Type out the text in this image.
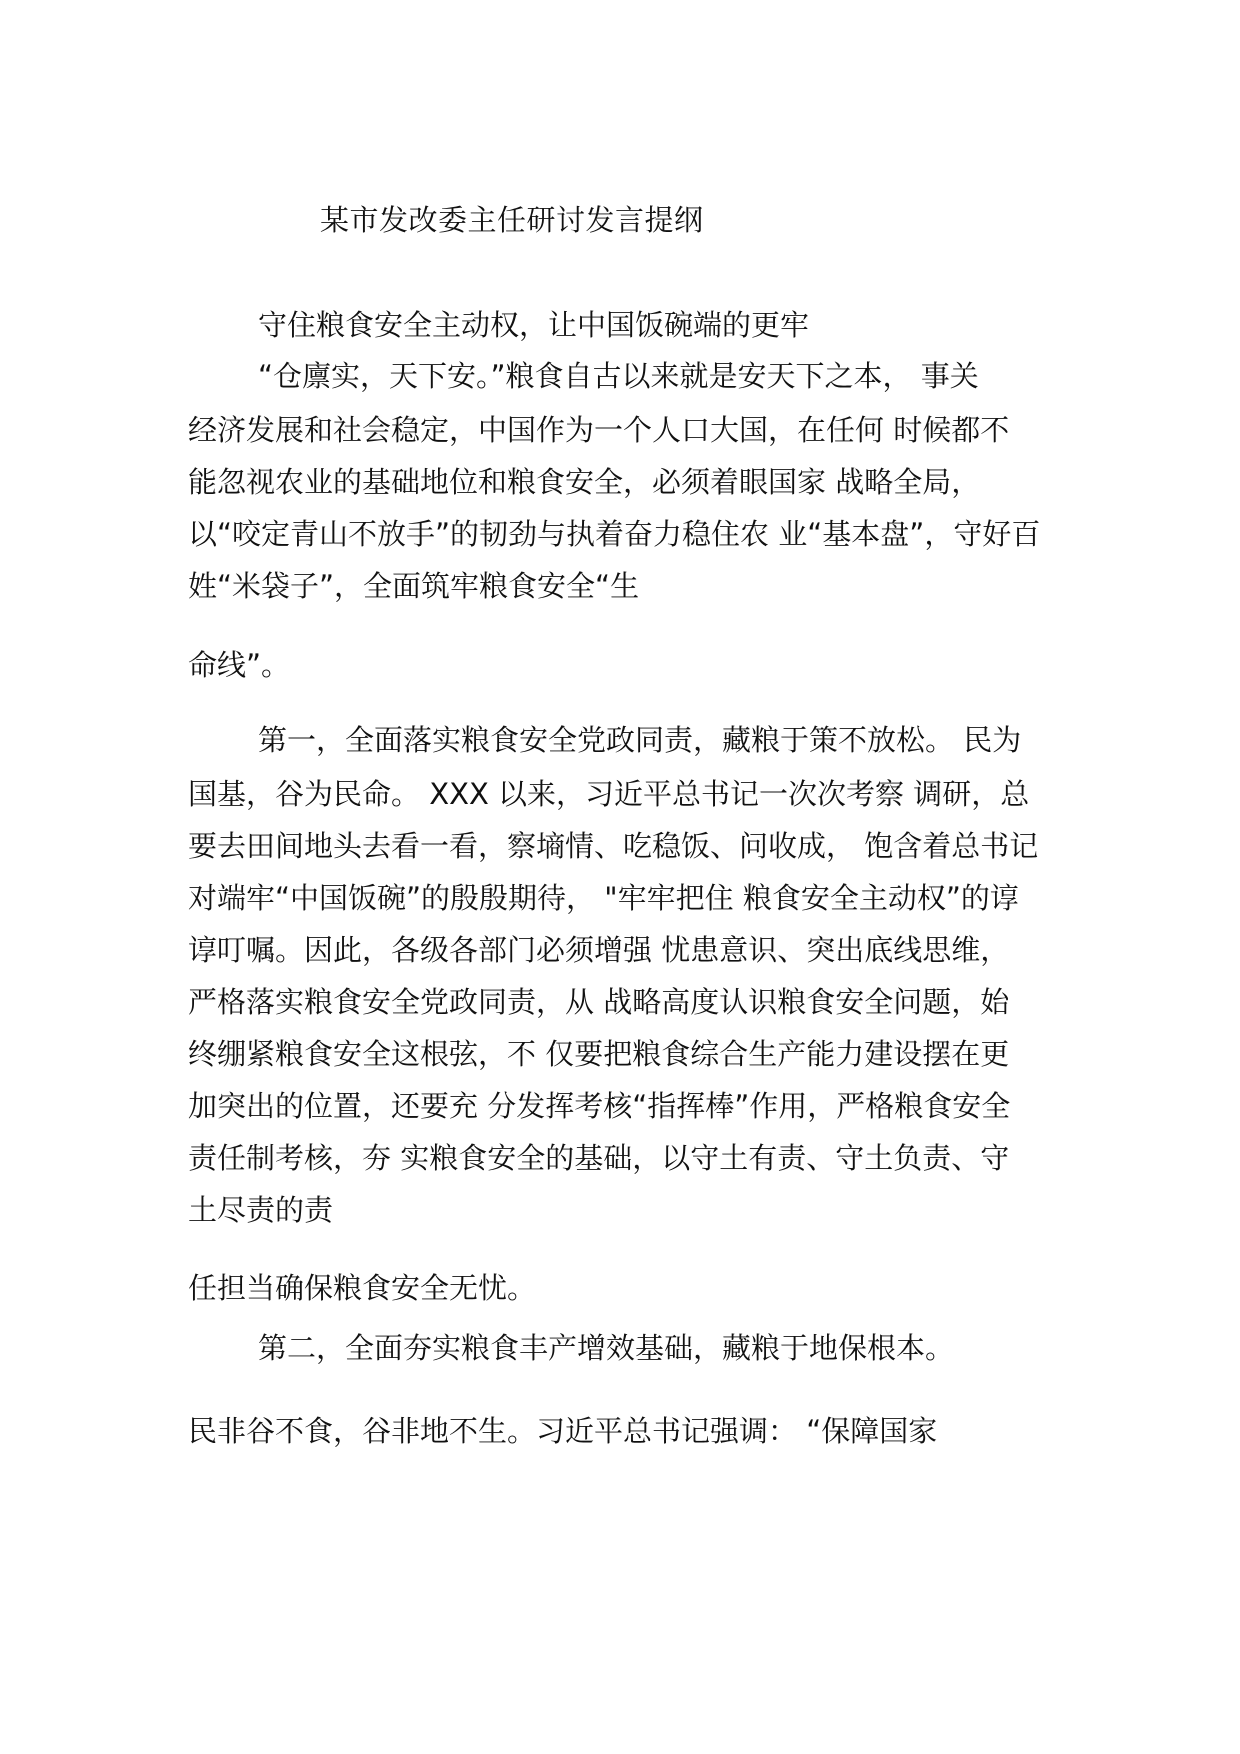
某市发改委主任研讨发言提纲
守住粮食安全主动权，让中国饭碗端的更牢
“仓廪实，天下安。”粮食自古以来就是安天下之本， 事关
经济发展和社会稳定，中国作为一个人口大国，在任何 时候都不
能忽视农业的基础地位和粮食安全，必须着眼国家 战略全局，
以“咬定青山不放手”的韧劲与执着奋力稳住农 业“基本盘”，守好百
姓“米袋子”，全面筑牢粮食安全“生
命线”。
第一，全面落实粮食安全党政同责，藏粮于策不放松。 民为
国基，谷为民命。 XXX 以来，习近平总书记一次次考察 调研，总
要去田间地头去看一看，察墒情、吃稳饭、问收成， 饱含着总书记
对端牢“中国饭碗”的殷殷期待， "牢牢把住 粮食安全主动权”的谆
谆叮嘱。因此，各级各部门必须增强 忧患意识、突出底线思维，
严格落实粮食安全党政同责，从 战略高度认识粮食安全问题，始
终绷紧粮食安全这根弦，不 仅要把粮食综合生产能力建设摆在更
加突出的位置，还要充 分发挥考核“指挥棒”作用，严格粮食安全
责任制考核，夯 实粮食安全的基础，以守土有责、守土负责、守
土尽责的责
任担当确保粮食安全无忧。
第二，全面夯实粮食丰产增效基础，藏粮于地保根本。
民非谷不食，谷非地不生。习近平总书记强调： “保障国家
